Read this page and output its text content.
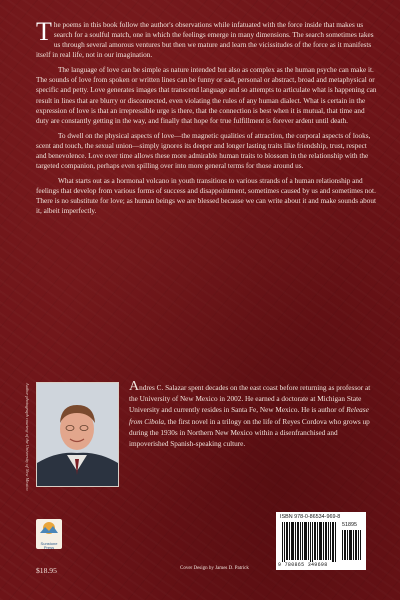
The poems in this book follow the author's observations while infatuated with the force inside that makes us search for a soulful match, one in which the feelings emerge in many dimensions. The search sometimes takes us through several amorous ventures but then we mature and learn the vicissitudes of the force as it manifests itself in real life, not in our imagination.

The language of love can be simple as nature intended but also as complex as the human psyche can make it. The sounds of love from spoken or written lines can be funny or sad, personal or abstract, broad and metaphysical or specific and petty. Love generates images that transcend language and so attempts to articulate what is happening can result in lines that are blurry or disconnected, even violating the rules of any human dialect. What is certain in the expression of love is that an irrepressible urge is there, that the connection is best when it is mutual, that time and duty are constantly getting in the way, and finally that hope for true fulfillment is forever ardent until death.

To dwell on the physical aspects of love—the magnetic qualities of attraction, the corporal aspects of looks, scent and touch, the sexual union—simply ignores its deeper and longer lasting traits like friendship, trust, respect and benevolence. Love over time allows these more admirable human traits to blossom in the relationship with the targeted companion, perhaps even spilling over into more general terms for those around us.

What starts out as a hormonal volcano in youth transitions to various strands of a human relationship and feelings that develop from various forms of success and disappointment, sometimes caused by us and sometimes not. There is no substitute for love; as human beings we are blessed because we can write about it and make sounds about it, albeit imperfectly.

Author photograph courtesy of the University of New Mexico	Andres C. Salazar spent decades on the east coast before returning as professor at the University of New Mexico in 2002. He earned a doctorate at Michigan State University and currently resides in Santa Fe, New Mexico. He is author of Release from Cibola, the first novel in a trilogy on the life of Reyes Cordova who grows up during the 1930s in Northern New Mexico within a disenfranchised and impoverished Spanish-speaking culture.
Sunstone Press
$18.95	Cover Design by James D. Patrick
ISBN 978-0-86534-969-8
51895
9 780865 349698
